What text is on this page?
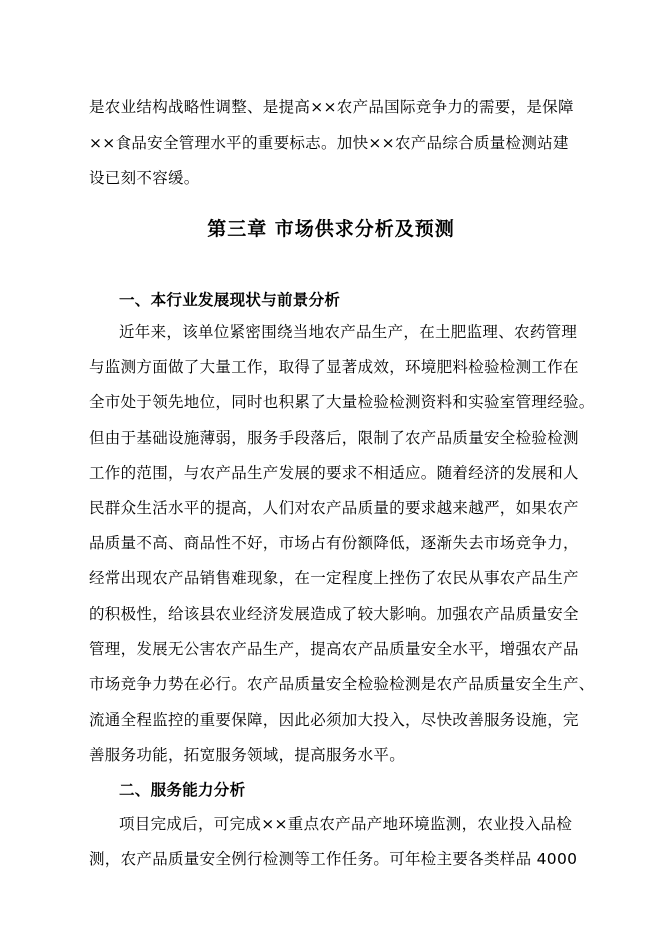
是农业结构战略性调整、是提高××农产品国际竞争力的需要，是保障
××食品安全管理水平的重要标志。加快××农产品综合质量检测站建
设已刻不容缓。
第三章 市场供求分析及预测
一、本行业发展现状与前景分析
近年来，该单位紧密围绕当地农产品生产，在土肥监理、农药管理
与监测方面做了大量工作，取得了显著成效，环境肥料检验检测工作在
全市处于领先地位，同时也积累了大量检验检测资料和实验室管理经验。
但由于基础设施薄弱，服务手段落后，限制了农产品质量安全检验检测
工作的范围，与农产品生产发展的要求不相适应。随着经济的发展和人
民群众生活水平的提高，人们对农产品质量的要求越来越严，如果农产
品质量不高、商品性不好，市场占有份额降低，逐渐失去市场竞争力，
经常出现农产品销售难现象，在一定程度上挫伤了农民从事农产品生产
的积极性，给该县农业经济发展造成了较大影响。加强农产品质量安全
管理，发展无公害农产品生产，提高农产品质量安全水平，增强农产品
市场竞争力势在必行。农产品质量安全检验检测是农产品质量安全生产、
流通全程监控的重要保障，因此必须加大投入，尽快改善服务设施，完
善服务功能，拓宽服务领域，提高服务水平。
二、服务能力分析
项目完成后，可完成××重点农产品产地环境监测，农业投入品检
测，农产品质量安全例行检测等工作任务。可年检主要各类样品 4000
